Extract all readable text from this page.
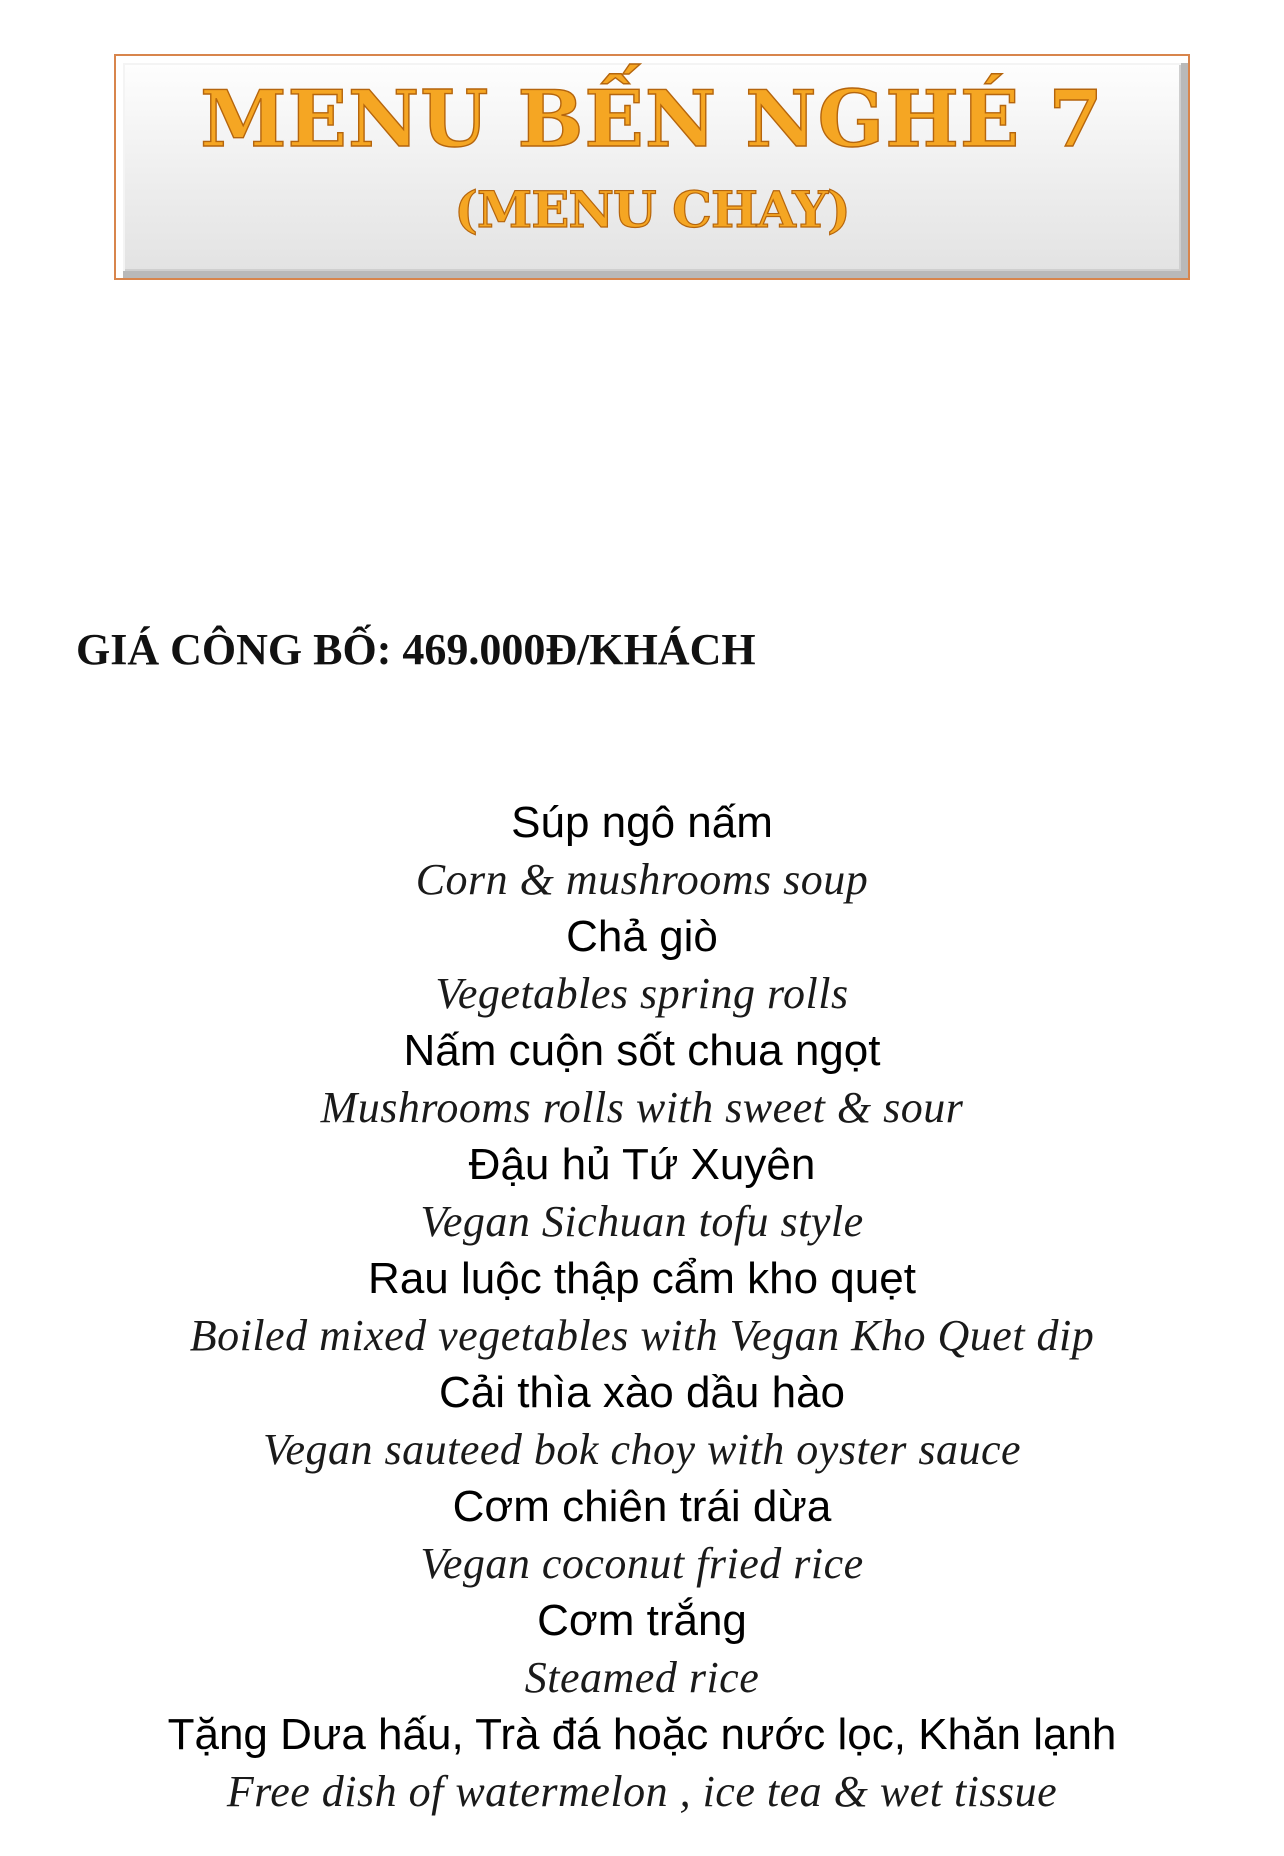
MENU BẾN NGHÉ 7
(MENU CHAY)
GIÁ CÔNG BỐ: 469.000Đ/KHÁCH
Súp ngô nấm
Corn & mushrooms soup
Chả giò
Vegetables spring rolls
Nấm cuộn sốt chua ngọt
Mushrooms rolls with sweet & sour
Đậu hủ Tứ Xuyên
Vegan Sichuan tofu style
Rau luộc thập cẩm kho quẹt
Boiled mixed vegetables with Vegan Kho Quet dip
Cải thìa xào dầu hào
Vegan sauteed bok choy with oyster sauce
Cơm chiên trái dừa
Vegan coconut fried rice
Cơm trắng
Steamed rice
Tặng Dưa hấu, Trà đá hoặc nước lọc, Khăn lạnh
Free dish of watermelon , ice tea & wet tissue
